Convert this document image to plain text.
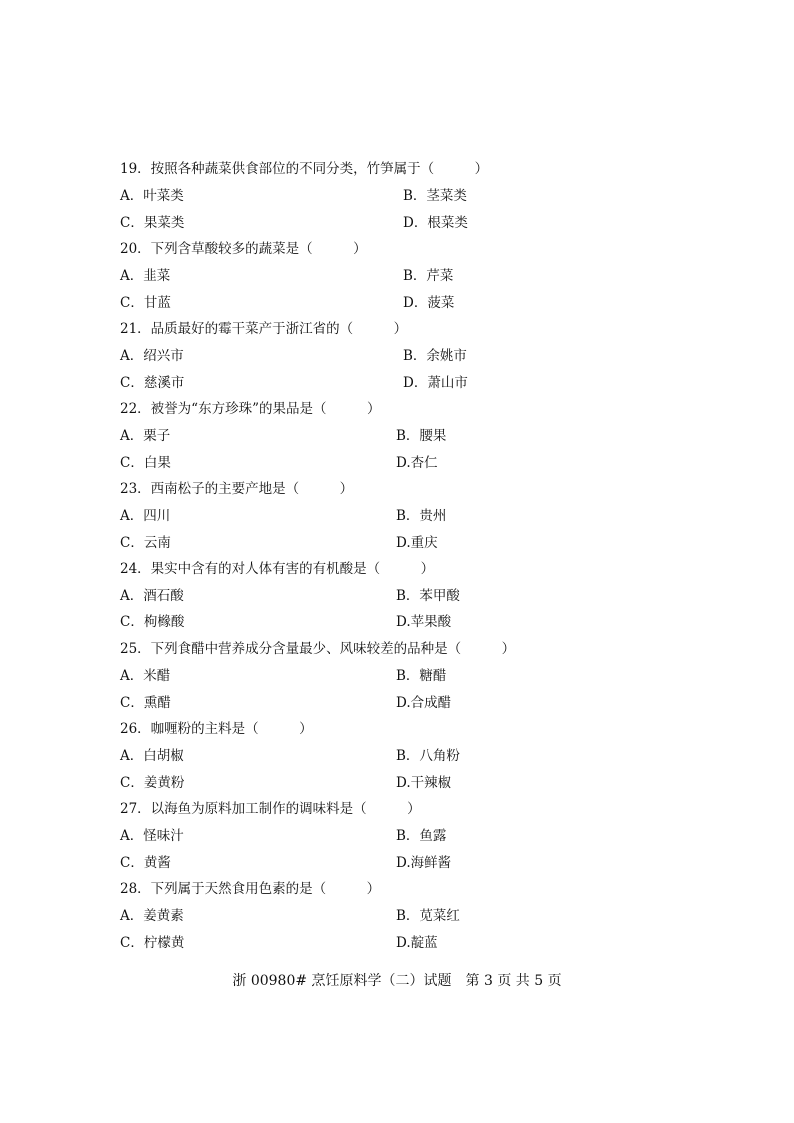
19．按照各种蔬菜供食部位的不同分类，竹笋属于（　　　）
A．叶菜类	B．茎菜类
C．果菜类	D．根菜类
20．下列含草酸较多的蔬菜是（　　　）
A．韭菜	B．芹菜
C．甘蓝	D．菠菜
21．品质最好的霉干菜产于浙江省的（　　　）
A．绍兴市	B．余姚市
C．慈溪市	D．萧山市
22．被誉为“东方珍珠”的果品是（　　　）
A．栗子	B．腰果
C．白果	D.杏仁
23．西南松子的主要产地是（　　　）
A．四川	B．贵州
C．云南	D.重庆
24．果实中含有的对人体有害的有机酸是（　　　）
A．酒石酸	B．苯甲酸
C．枸橼酸	D.苹果酸
25．下列食醋中营养成分含量最少、风味较差的品种是（　　　）
A．米醋	B．糖醋
C．熏醋	D.合成醋
26．咖喱粉的主料是（　　　）
A．白胡椒	B．八角粉
C．姜黄粉	D.干辣椒
27．以海鱼为原料加工制作的调味料是（　　　）
A．怪味汁	B．鱼露
C．黄酱	D.海鲜酱
28．下列属于天然食用色素的是（　　　）
A．姜黄素	B．苋菜红
C．柠檬黄	D.靛蓝
浙 00980# 烹饪原料学（二）试题　第 3 页 共 5 页
